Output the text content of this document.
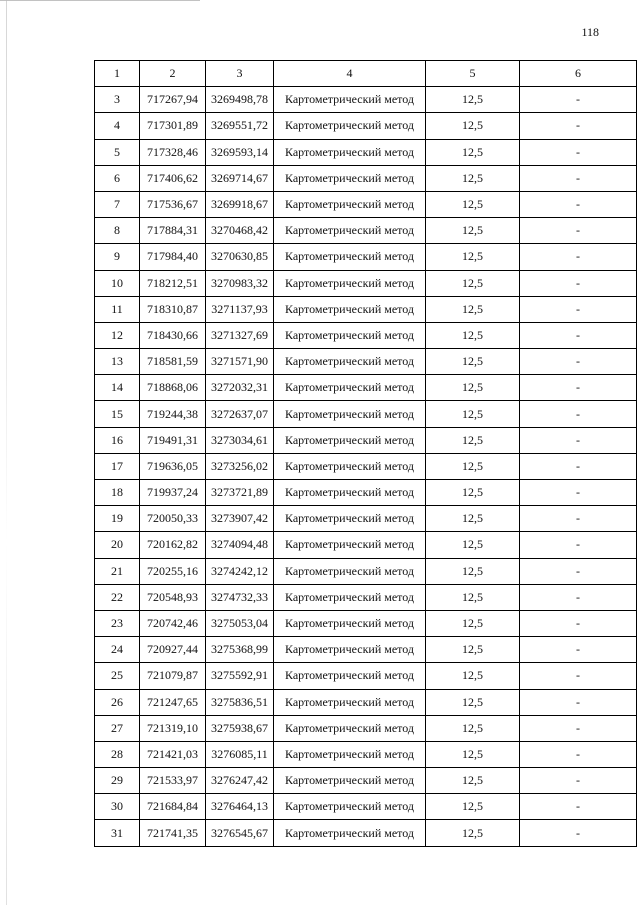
118
1	2	3	4	5	6
3	717267,94	3269498,78	Картометрический метод	12,5	-
4	717301,89	3269551,72	Картометрический метод	12,5	-
5	717328,46	3269593,14	Картометрический метод	12,5	-
6	717406,62	3269714,67	Картометрический метод	12,5	-
7	717536,67	3269918,67	Картометрический метод	12,5	-
8	717884,31	3270468,42	Картометрический метод	12,5	-
9	717984,40	3270630,85	Картометрический метод	12,5	-
10	718212,51	3270983,32	Картометрический метод	12,5	-
11	718310,87	3271137,93	Картометрический метод	12,5	-
12	718430,66	3271327,69	Картометрический метод	12,5	-
13	718581,59	3271571,90	Картометрический метод	12,5	-
14	718868,06	3272032,31	Картометрический метод	12,5	-
15	719244,38	3272637,07	Картометрический метод	12,5	-
16	719491,31	3273034,61	Картометрический метод	12,5	-
17	719636,05	3273256,02	Картометрический метод	12,5	-
18	719937,24	3273721,89	Картометрический метод	12,5	-
19	720050,33	3273907,42	Картометрический метод	12,5	-
20	720162,82	3274094,48	Картометрический метод	12,5	-
21	720255,16	3274242,12	Картометрический метод	12,5	-
22	720548,93	3274732,33	Картометрический метод	12,5	-
23	720742,46	3275053,04	Картометрический метод	12,5	-
24	720927,44	3275368,99	Картометрический метод	12,5	-
25	721079,87	3275592,91	Картометрический метод	12,5	-
26	721247,65	3275836,51	Картометрический метод	12,5	-
27	721319,10	3275938,67	Картометрический метод	12,5	-
28	721421,03	3276085,11	Картометрический метод	12,5	-
29	721533,97	3276247,42	Картометрический метод	12,5	-
30	721684,84	3276464,13	Картометрический метод	12,5	-
31	721741,35	3276545,67	Картометрический метод	12,5	-
